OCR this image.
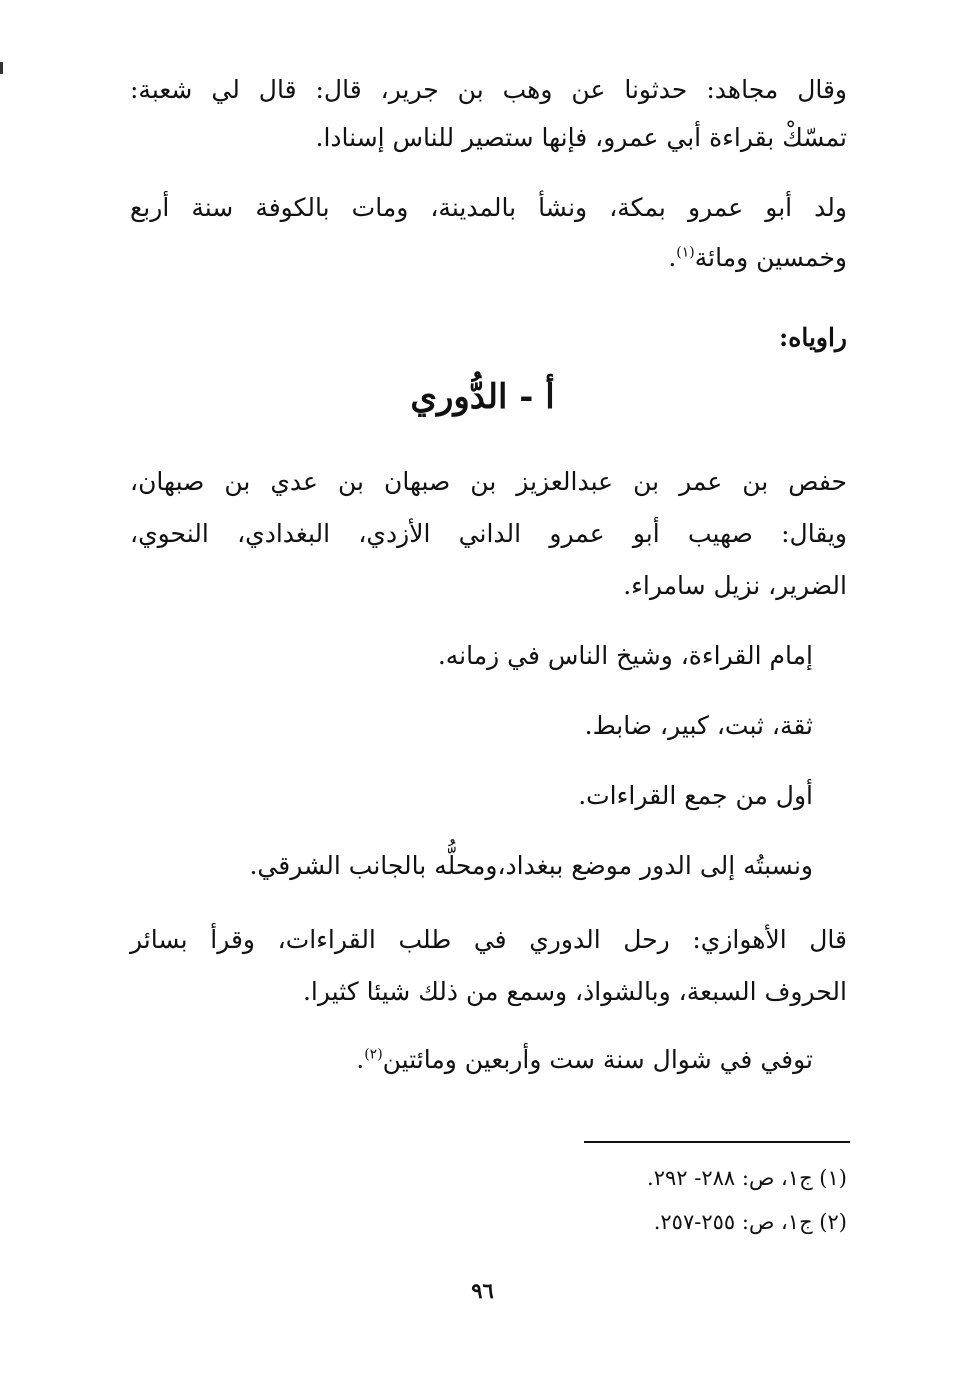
وقال مجاهد: حدثونا عن وهب بن جرير، قال: قال لي شعبة:
تمسّكْ بقراءة أبي عمرو، فإنها ستصير للناس إسنادا.
ولد أبو عمرو بمكة، ونشأ بالمدينة، ومات بالكوفة سنة أربع
وخمسين ومائة$^{(١)}$.
راوياه:
أ - الدُّوري
حفص بن عمر بن عبدالعزيز بن صبهان بن عدي بن صبهان،
ويقال: صهيب أبو عمرو الداني الأزدي، البغدادي، النحوي،
الضرير، نزيل سامراء.
إمام القراءة، وشيخ الناس في زمانه.
ثقة، ثبت، كبير، ضابط.
أول من جمع القراءات.
ونسبتُه إلى الدور موضع ببغداد،ومحلُّه بالجانب الشرقي.
قال الأهوازي: رحل الدوري في طلب القراءات، وقرأ بسائر
الحروف السبعة، وبالشواذ، وسمع من ذلك شيئا كثيرا.
توفي في شوال سنة ست وأربعين ومائتين$^{(٢)}$.
(١) ج١، ص: ٢٨٨- ٢٩٢.
(٢) ج١، ص: ٢٥٥-٢٥٧.
٩٦
